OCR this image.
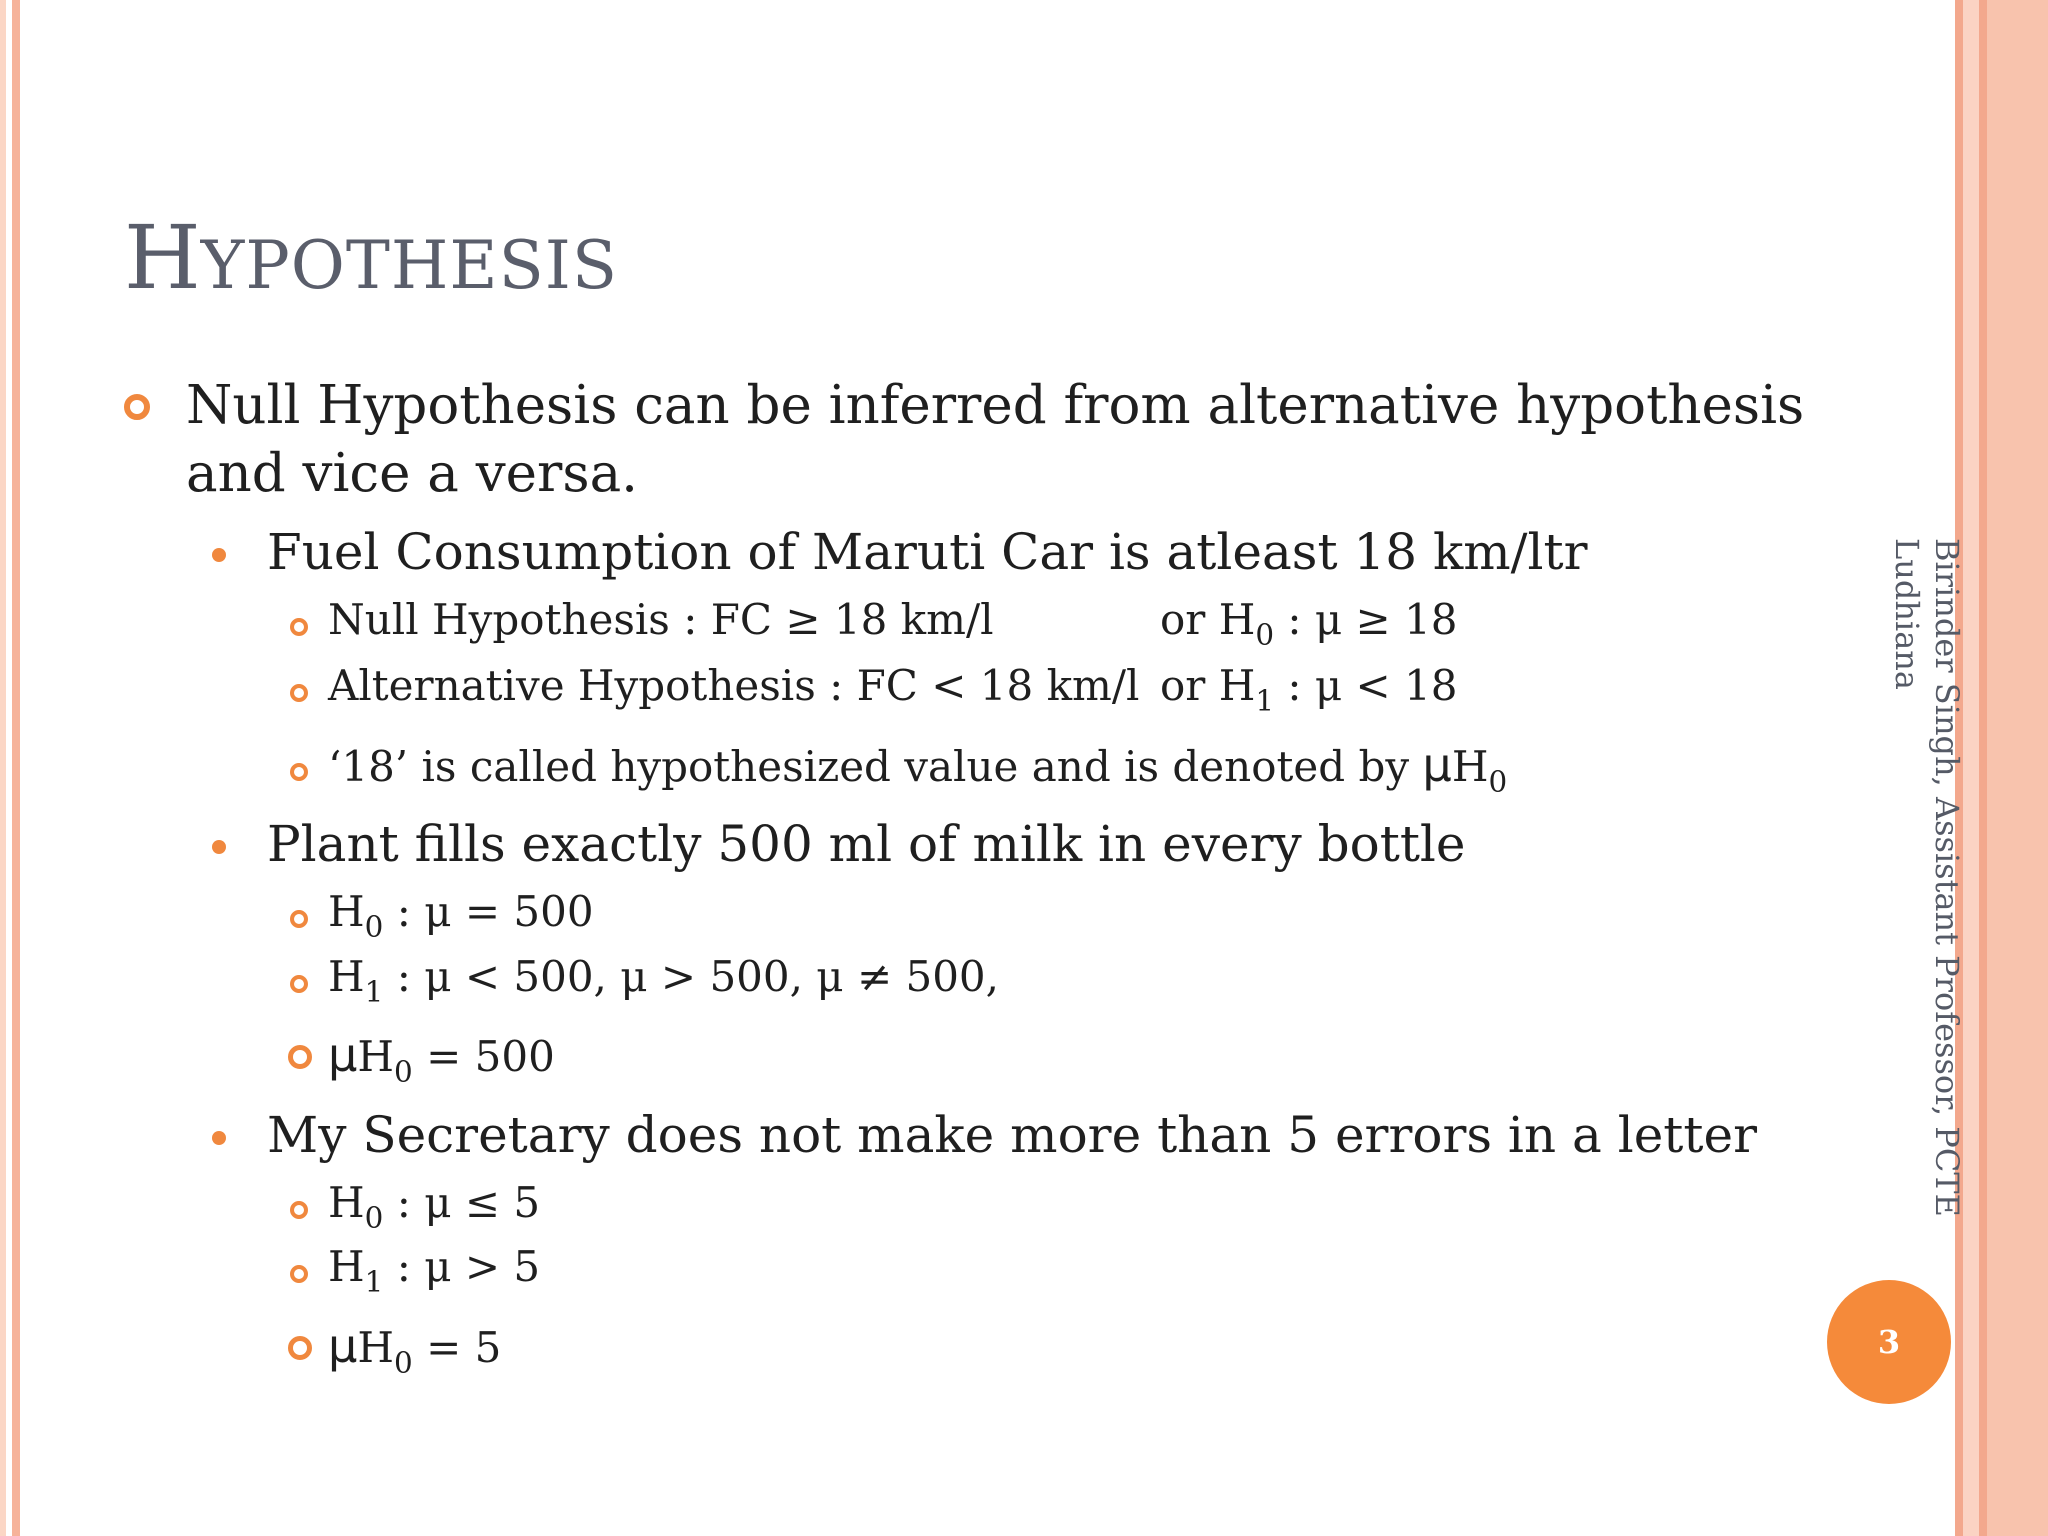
HYPOTHESIS
Null Hypothesis can be inferred from alternative hypothesis and vice a versa.
Fuel Consumption of Maruti Car is atleast 18 km/ltr
Null Hypothesis : FC ≥ 18 km/l	or $H_0$ : μ ≥ 18
Alternative Hypothesis : FC < 18 km/l or $H_1$ : μ < 18
‘18’ is called hypothesized value and is denoted by $\mu H_0$
Plant fills exactly 500 ml of milk in every bottle
$H_0$ : μ = 500
$H_1$ : μ < 500, μ > 500, μ ≠ 500,
$\mu H_0 = 500$
My Secretary does not make more than 5 errors in a letter
$H_0$ : μ ≤ 5
$H_1$ : μ > 5
$\mu H_0 = 5$
Birinder Singh, Assistant Professor, PCTE
Ludhiana
3
